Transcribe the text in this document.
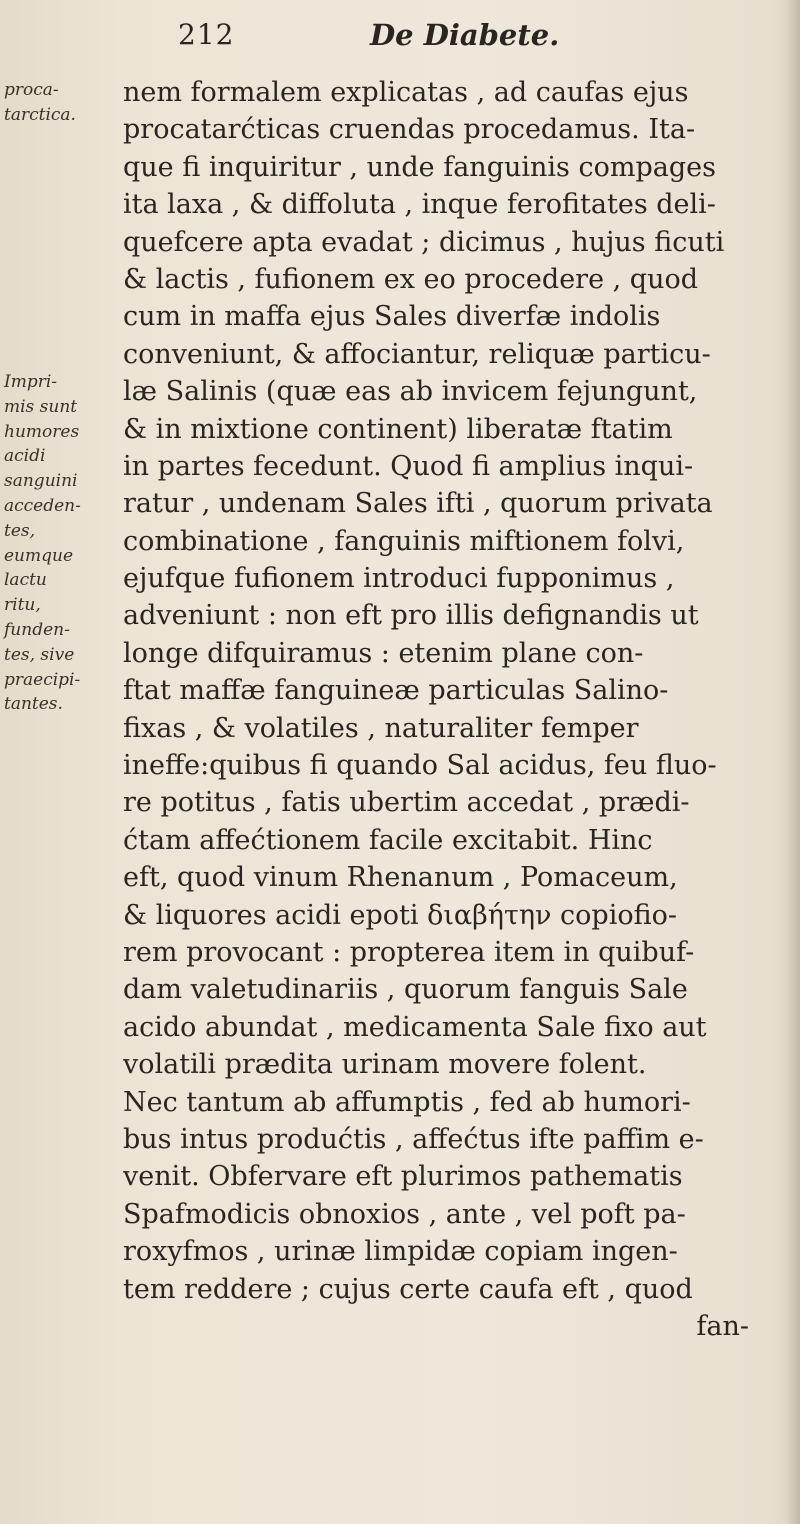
212	De Diabete.
proca-
tarctica.
Impri-
mis sunt
humores
acidi
sanguini
acceden-
tes,
eumque
lactu
ritu,
funden-
tes, sive
praecipi-
tantes.
nem formalem explicatas , ad caufas ejus
procatarćticas cruendas procedamus. Ita-
que fi inquiritur , unde fanguinis compages
ita laxa , & diffoluta , inque ferofitates deli-
quefcere apta evadat ; dicimus , hujus ficuti
& lactis , fufionem ex eo procedere , quod
cum in maffa ejus Sales diverfæ indolis
conveniunt, & affociantur, reliquæ particu-
læ Salinis (quæ eas ab invicem fejungunt,
& in mixtione continent) liberatæ ftatim
in partes fecedunt. Quod fi amplius inqui-
ratur , undenam Sales ifti , quorum privata
combinatione , fanguinis miftionem folvi,
ejufque fufionem introduci fupponimus ,
adveniunt : non eft pro illis defignandis ut
longe difquiramus : etenim plane con-
ftat maffæ fanguineæ particulas Salino-
fixas , & volatiles , naturaliter femper
ineffe:quibus fi quando Sal acidus, feu fluo-
re potitus , fatis ubertim accedat , prædi-
ćtam affećtionem facile excitabit. Hinc
eft, quod vinum Rhenanum , Pomaceum,
& liquores acidi epoti διαβήτην copiofio-
rem provocant : propterea item in quibuf-
dam valetudinariis , quorum fanguis Sale
acido abundat , medicamenta Sale fixo aut
volatili prædita urinam movere folent.
Nec tantum ab affumptis , fed ab humori-
bus intus produćtis , affećtus ifte paffim e-
venit. Obfervare eft plurimos pathematis
Spafmodicis obnoxios , ante , vel poft pa-
roxyfmos , urinæ limpidæ copiam ingen-
tem reddere ; cujus certe caufa eft , quod
fan-
